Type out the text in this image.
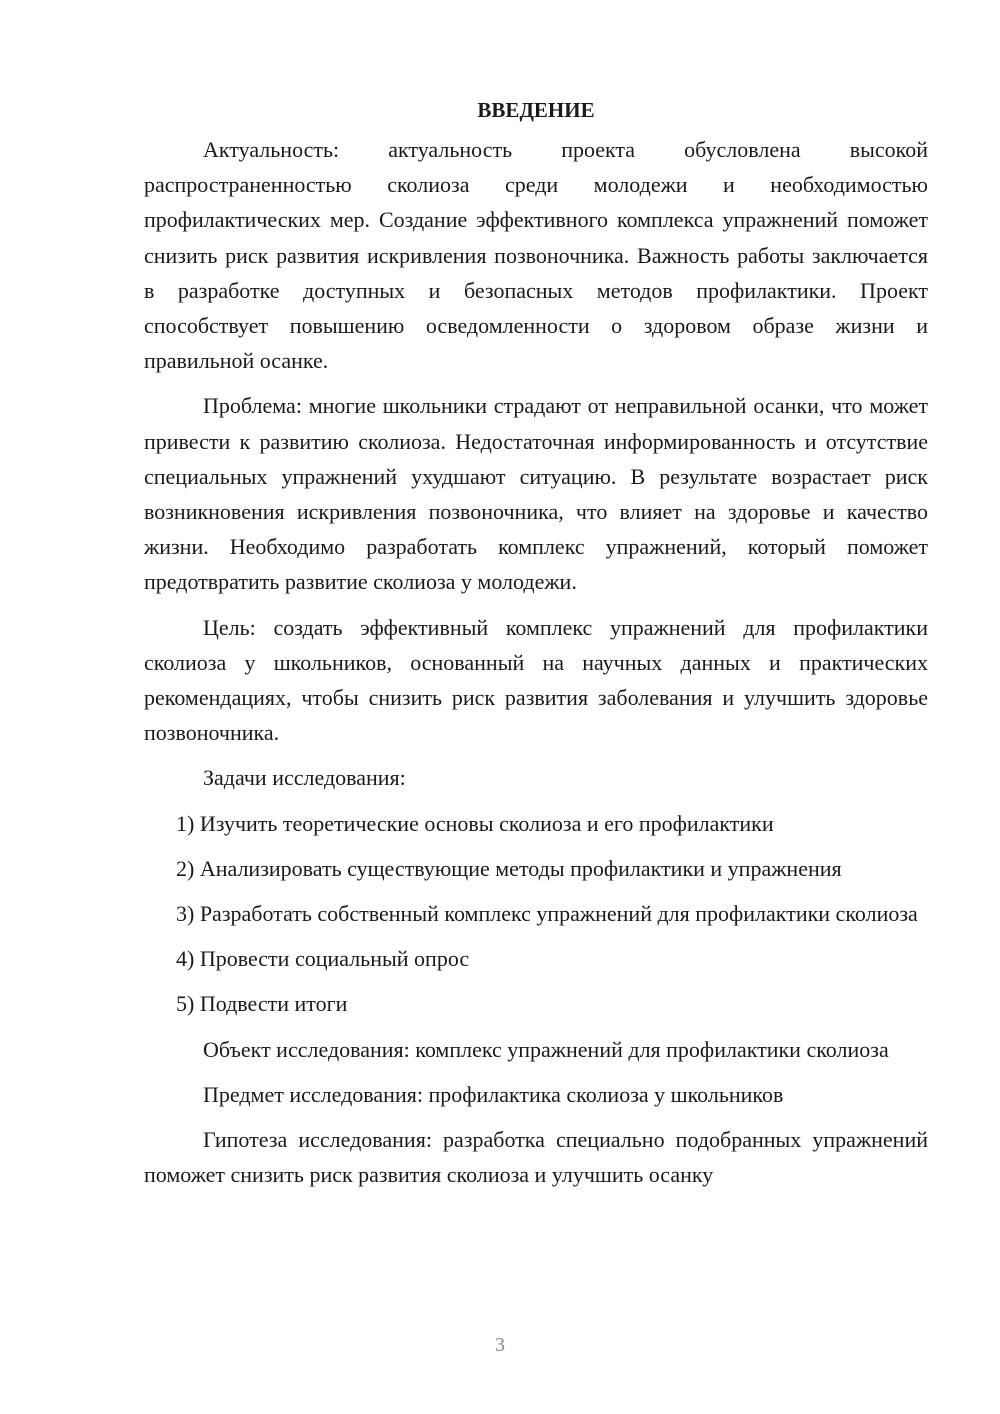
ВВЕДЕНИЕ

Актуальность: актуальность проекта обусловлена высокой распространенностью сколиоза среди молодежи и необходимостью профилактических мер. Создание эффективного комплекса упражнений поможет снизить риск развития искривления позвоночника. Важность работы заключается в разработке доступных и безопасных методов профилактики. Проект способствует повышению осведомленности о здоровом образе жизни и правильной осанке.

Проблема: многие школьники страдают от неправильной осанки, что может привести к развитию сколиоза. Недостаточная информированность и отсутствие специальных упражнений ухудшают ситуацию. В результате возрастает риск возникновения искривления позвоночника, что влияет на здоровье и качество жизни. Необходимо разработать комплекс упражнений, который поможет предотвратить развитие сколиоза у молодежи.

Цель: создать эффективный комплекс упражнений для профилактики сколиоза у школьников, основанный на научных данных и практических рекомендациях, чтобы снизить риск развития заболевания и улучшить здоровье позвоночника.

Задачи исследования:

1) Изучить теоретические основы сколиоза и его профилактики

2) Анализировать существующие методы профилактики и упражнения

3) Разработать собственный комплекс упражнений для профилактики сколиоза

4) Провести социальный опрос

5) Подвести итоги

Объект исследования: комплекс упражнений для профилактики сколиоза

Предмет исследования: профилактика сколиоза у школьников

Гипотеза исследования: разработка специально подобранных упражнений поможет снизить риск развития сколиоза и улучшить осанку

3
